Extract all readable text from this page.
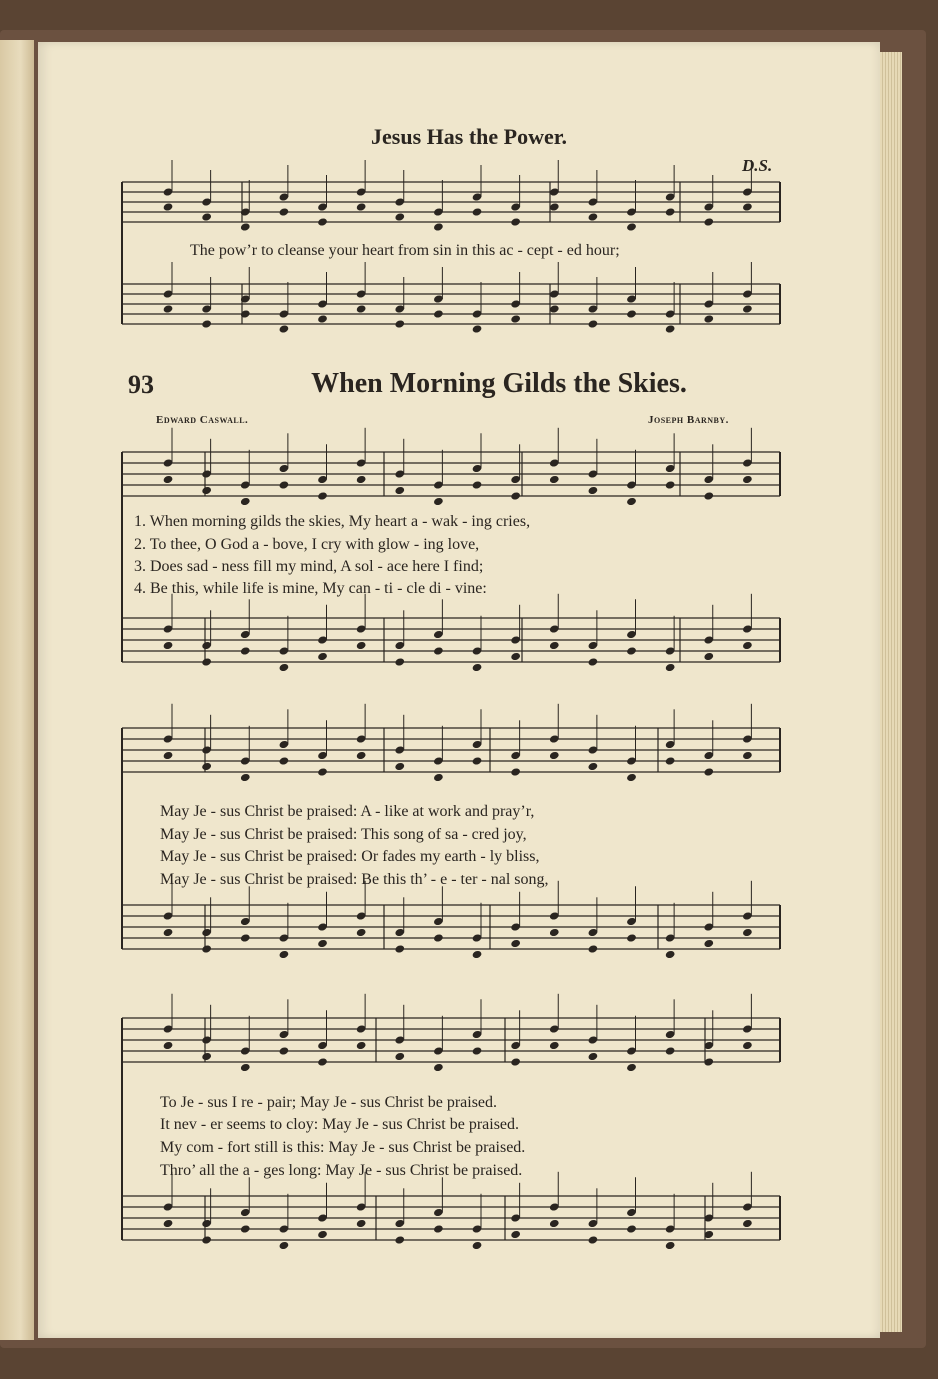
Jesus Has the Power.
D.S.
The pow’r to cleanse your heart from sin in this ac - cept - ed hour;
93	When Morning Gilds the Skies.
Edward Caswall.	Joseph Barnby.
1. When morning gilds the skies, My heart a - wak - ing cries,
2. To thee, O God a - bove, I cry with glow - ing love,
3. Does sad - ness fill my mind, A sol - ace here I find;
4. Be this, while life is mine, My can - ti - cle di - vine:
May Je - sus Christ be praised: A - like at work and pray’r,
May Je - sus Christ be praised: This song of sa - cred joy,
May Je - sus Christ be praised: Or fades my earth - ly bliss,
May Je - sus Christ be praised: Be this th’ - e - ter - nal song,
To Je - sus I re - pair; May Je - sus Christ be praised.
It nev - er seems to cloy: May Je - sus Christ be praised.
My com - fort still is this: May Je - sus Christ be praised.
Thro’ all the a - ges long: May Je - sus Christ be praised.
